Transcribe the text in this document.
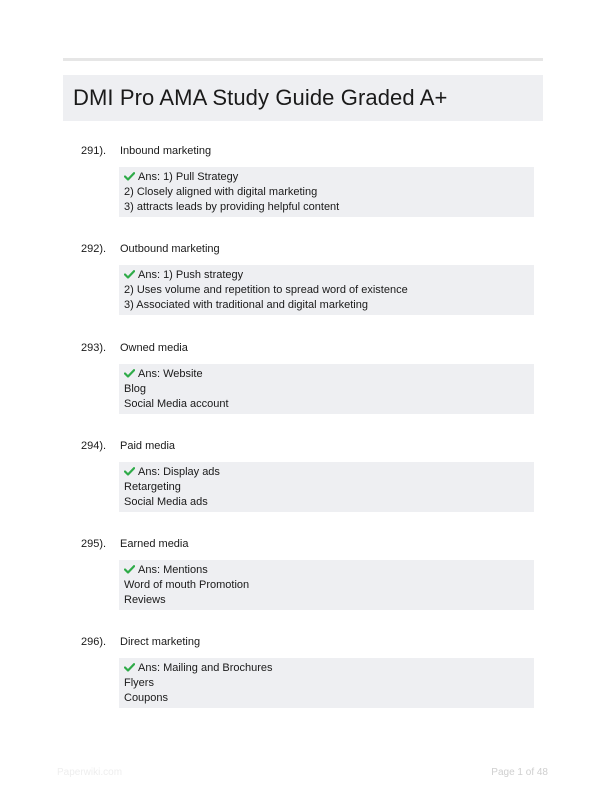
DMI Pro AMA Study Guide Graded A+
291). Inbound marketing
Ans: 1) Pull Strategy
2) Closely aligned with digital marketing
3) attracts leads by providing helpful content
292). Outbound marketing
Ans: 1) Push strategy
2) Uses volume and repetition to spread word of existence
3) Associated with traditional and digital marketing
293). Owned media
Ans: Website
Blog
Social Media account
294). Paid media
Ans: Display ads
Retargeting
Social Media ads
295). Earned media
Ans: Mentions
Word of mouth Promotion
Reviews
296). Direct marketing
Ans: Mailing and Brochures
Flyers
Coupons
Paperwiki.com	Page 1 of 48
